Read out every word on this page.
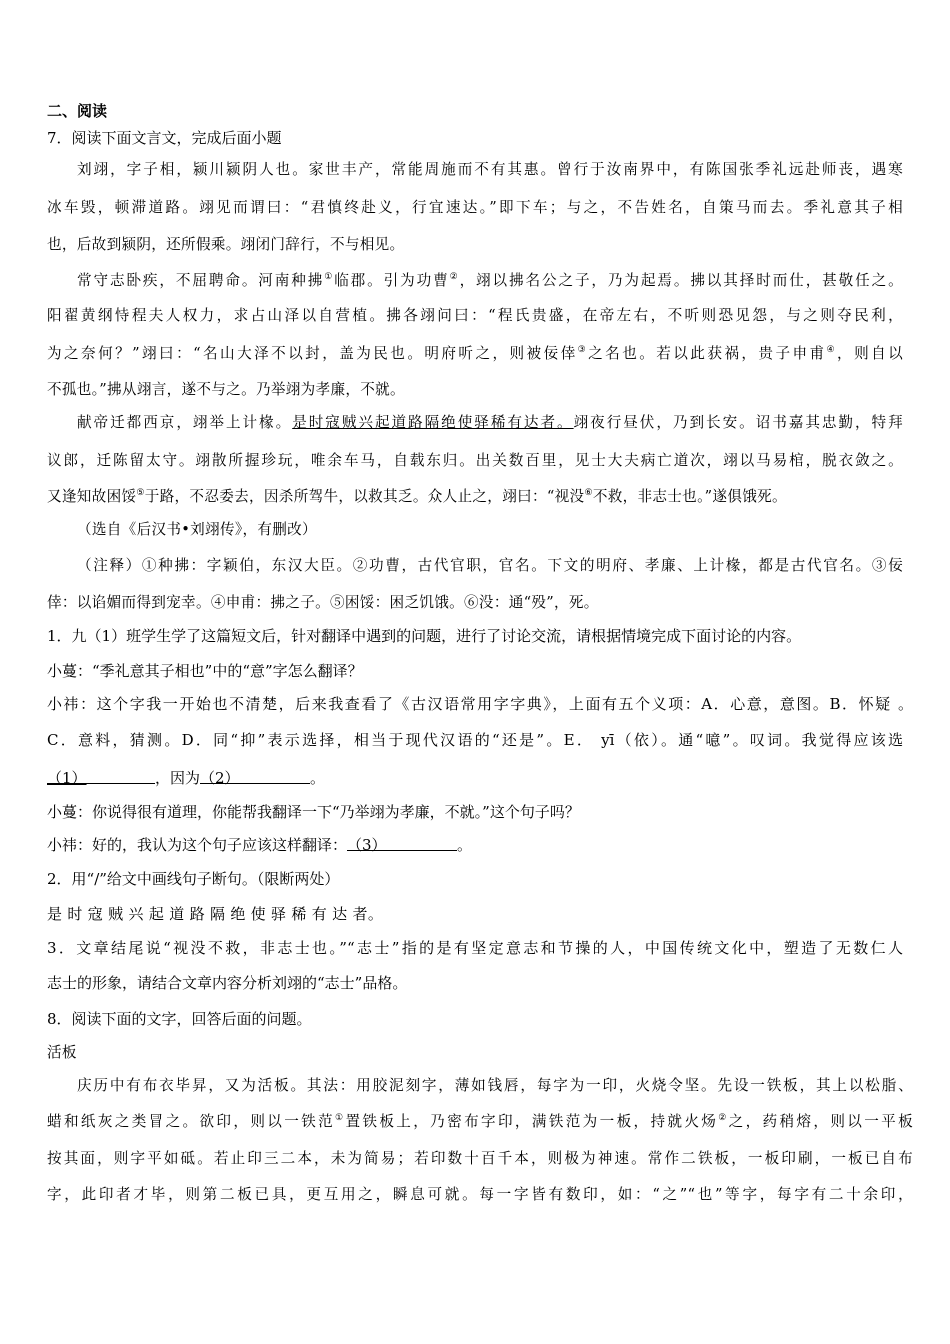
二、阅读

7．阅读下面文言文，完成后面小题

刘翊，字子相，颍川颍阴人也。家世丰产，常能周施而不有其惠。曾行于汝南界中，有陈国张季礼远赴师丧，遇寒

冰车毁，顿滞道路。翊见而谓曰：“君慎终赴义，行宜速达。”即下车；与之，不告姓名，自策马而去。季礼意其子相

也，后故到颍阴，还所假乘。翊闭门辞行，不与相见。

常守志卧疾，不屈聘命。河南种拂①临郡。引为功曹②，翊以拂名公之子，乃为起焉。拂以其择时而仕，甚敬任之。

阳翟黄纲恃程夫人权力，求占山泽以自营植。拂各翊问曰：“程氏贵盛，在帝左右，不听则恐见怨，与之则夺民利，

为之奈何？”翊曰：“名山大泽不以封，盖为民也。明府听之，则被佞倖③之名也。若以此获祸，贵子申甫④，则自以

不孤也。”拂从翊言，遂不与之。乃举翊为孝廉，不就。

献帝迁都西京，翊举上计椽。是时寇贼兴起道路隔绝使驿稀有达者。翊夜行昼伏，乃到长安。诏书嘉其忠勤，特拜

议郎，迁陈留太守。翊散所握珍玩，唯余车马，自载东归。出关数百里，见士大夫病亡道次，翊以马易棺，脱衣敛之。

又逢知故困馁⑤于路，不忍委去，因杀所驾牛，以救其乏。众人止之，翊曰：“视没⑥不救，非志士也。”遂俱饿死。

（选自《后汉书•刘翊传》，有删改）

（注释）①种拂：字颖伯，东汉大臣。②功曹，古代官职，官名。下文的明府、孝廉、上计椽，都是古代官名。③佞

倖：以谄媚而得到宠幸。④申甫：拂之子。⑤困馁：困乏饥饿。⑥没：通“殁”，死。

1．九（1）班学生学了这篇短文后，针对翻译中遇到的问题，进行了讨论交流，请根据情境完成下面讨论的内容。

小蔓：“季礼意其子相也”中的“意”字怎么翻译？

小祎：这个字我一开始也不清楚，后来我查看了《古汉语常用字字典》，上面有五个义项：A．心意，意图。B．怀疑 。

C．意料，猜测。D．同“抑”表示选择，相当于现代汉语的“还是”。E． yī（依）。通“噫”。叹词。我觉得应该选

（1）	，因为（2）	。

小蔓：你说得很有道理，你能帮我翻译一下“乃举翊为孝廉，不就。”这个句子吗？

小祎：好的，我认为这个句子应该这样翻译：（3）	。

2．用“/”给文中画线句子断句。（限断两处）

是 时 寇 贼 兴 起 道 路 隔 绝 使 驿 稀 有 达 者。

3．文章结尾说“视没不救，非志士也。”“志士”指的是有坚定意志和节操的人，中国传统文化中，塑造了无数仁人

志士的形象，请结合文章内容分析刘翊的“志士”品格。

8．阅读下面的文字，回答后面的问题。

活板

庆历中有布衣毕昇，又为活板。其法：用胶泥刻字，薄如钱唇，每字为一印，火烧令坚。先设一铁板，其上以松脂、

蜡和纸灰之类冒之。欲印，则以一铁范①置铁板上，乃密布字印，满铁范为一板，持就火炀②之，药稍熔，则以一平板

按其面，则字平如砥。若止印三二本，未为简易；若印数十百千本，则极为神速。常作二铁板，一板印刷，一板已自布

字，此印者才毕，则第二板已具，更互用之，瞬息可就。每一字皆有数印，如：“之”“也”等字，每字有二十余印，
